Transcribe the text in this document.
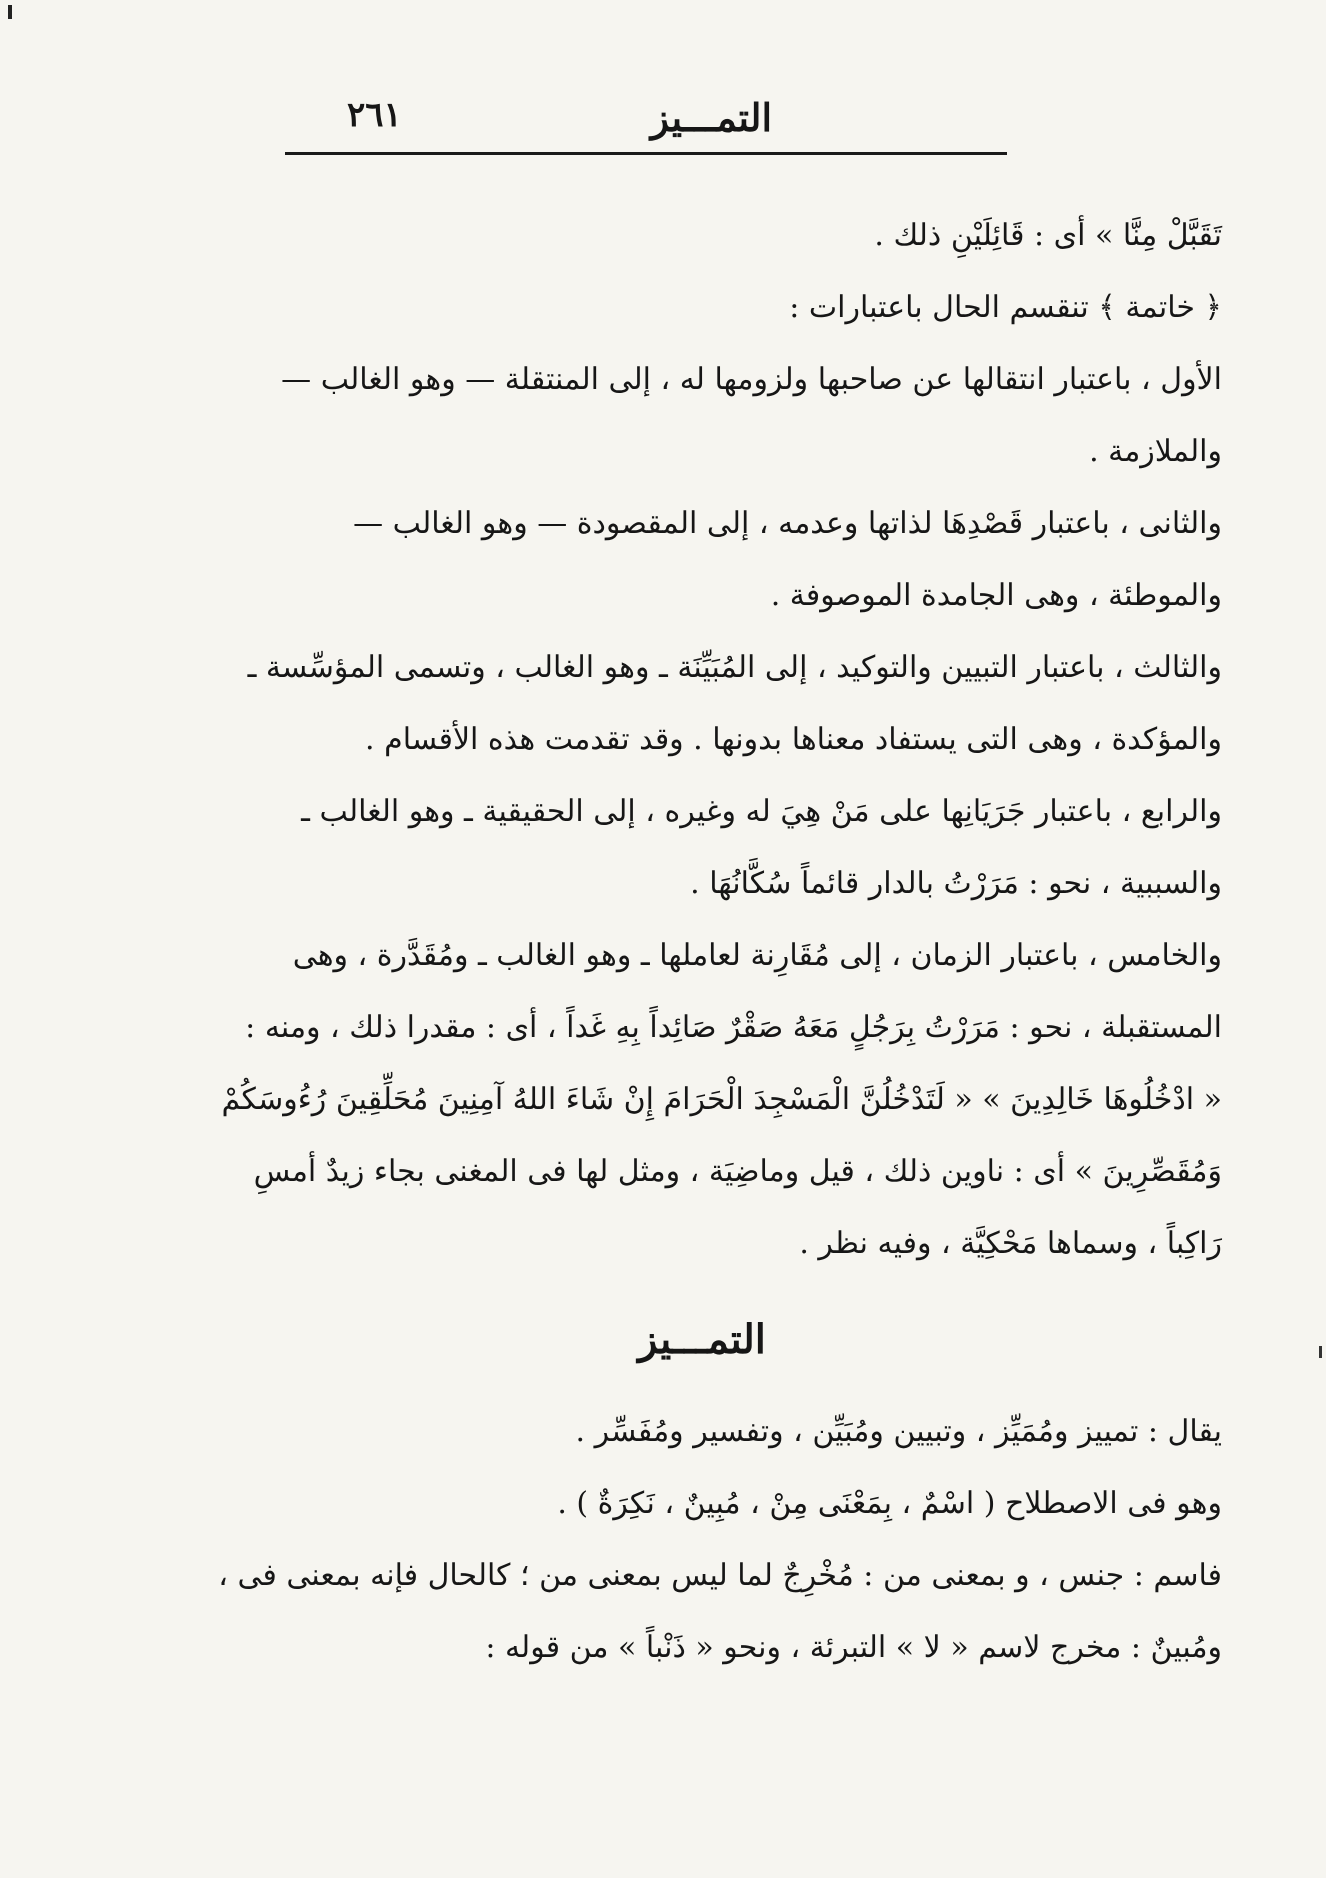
التمـــيز
٢٦١
تَقَبَّلْ مِنَّا » أى : قَائِلَيْنِ ذلك .
﴿ خاتمة ﴾ تنقسم الحال باعتبارات :
الأول ، باعتبار انتقالها عن صاحبها ولزومها له ، إلى المنتقلة — وهو الغالب —
والملازمة .
والثانى ، باعتبار قَصْدِهَا لذاتها وعدمه ، إلى المقصودة — وهو الغالب —
والموطئة ، وهى الجامدة الموصوفة .
والثالث ، باعتبار التبيين والتوكيد ، إلى المُبَيِّنَة ـ وهو الغالب ، وتسمى المؤسِّسة ـ
والمؤكدة ، وهى التى يستفاد معناها بدونها . وقد تقدمت هذه الأقسام .
والرابع ، باعتبار جَرَيَانِها على مَنْ هِيَ له وغيره ، إلى الحقيقية ـ وهو الغالب ـ
والسببية ، نحو : مَرَرْتُ بالدار قائماً سُكَّانُهَا .
والخامس ، باعتبار الزمان ، إلى مُقَارِنة لعاملها ـ وهو الغالب ـ ومُقَدَّرة ، وهى
المستقبلة ، نحو : مَرَرْتُ بِرَجُلٍ مَعَهُ صَقْرٌ صَائِداً بِهِ غَداً ، أى : مقدرا ذلك ، ومنه :
« ادْخُلُوهَا خَالِدِينَ » « لَتَدْخُلُنَّ الْمَسْجِدَ الْحَرَامَ إِنْ شَاءَ اللهُ آمِنِينَ مُحَلِّقِينَ رُءُوسَكُمْ
وَمُقَصِّرِينَ » أى : ناوين ذلك ، قيل وماضِيَة ، ومثل لها فى المغنى بجاء زيدٌ أمسِ
رَاكِباً ، وسماها مَحْكِيَّة ، وفيه نظر .
التمـــيز
يقال : تمييز ومُمَيِّز ، وتبيين ومُبَيِّن ، وتفسير ومُفَسِّر .
وهو فى الاصطلاح ( اسْمٌ ، بِمَعْنَى مِنْ ، مُبِينٌ ، نَكِرَةٌ ) .
فاسم : جنس ، و بمعنى من : مُخْرِجٌ لما ليس بمعنى من ؛ كالحال فإنه بمعنى فى ،
ومُبينٌ : مخرج لاسم « لا » التبرئة ، ونحو « ذَنْباً » من قوله :
